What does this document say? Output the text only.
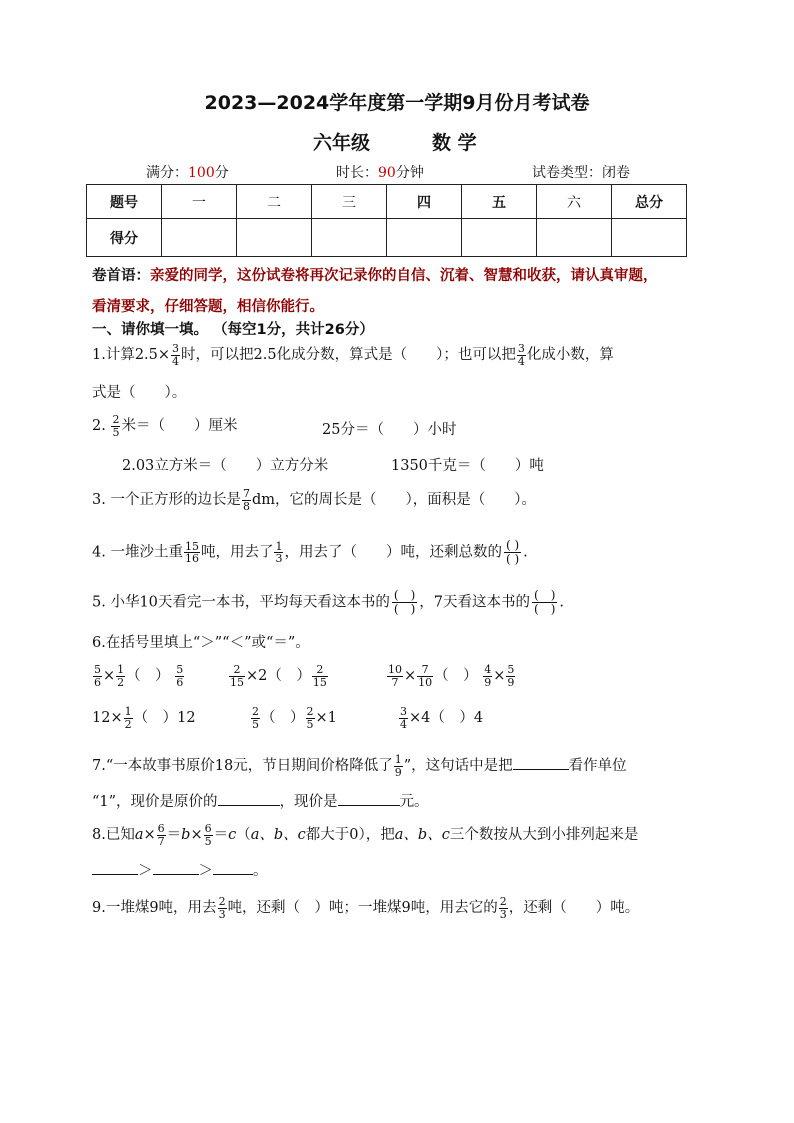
2023—2024学年度第一学期9月份月考试卷
六年级	数 学
满分：100分	时长：90分钟	试卷类型：闭卷
题号	一	二	三	四	五	六	总分
得分							
卷首语：亲爱的同学，这份试卷将再次记录你的自信、沉着、智慧和收获，请认真审题，
看清要求，仔细答题，相信你能行。
一、请你填一填。 （每空1分，共计26分）
1.计算$2.5\times \frac{3}{4}$ 时，可以把2.5化成分数，算式是（　　）；也可以把 $\frac{3}{4}$ 化成小数，算
式是（　　）。
2. $\frac{2}{5}$ 米＝（　　）厘米	25分＝（　　）小时
2.03立方米＝（　　）立方分米	1350千克＝（　　）吨
3. 一个正方形的边长是 $\frac{7}{8}$ dm，它的周长是（　　），面积是（　　）。
4. 一堆沙土重 $\frac{15}{16}$ 吨，用去了 $\frac{1}{3}$ ，用去了（　　）吨，还剩总数的 ( )
( ) .
5. 小华10天看完一本书，平均每天看这本书的 (　)
(　) ，7天看这本书的 (　)
(　) .
6.在括号里填上“＞”“＜”或“＝”。
$\frac{5}{6} \times \frac{1}{2}$ （　） $\frac{5}{6}$	$\frac{2}{15} \times 2$（　） $\frac{2}{15}$	$\frac{10}{7} \times \frac{7}{10}$ （　） $\frac{4}{9} \times \frac{5}{9}$
$12\times \frac{1}{2}$ （　）12	$\frac{2}{5}$ （　） $\frac{2}{5} \times 1$	$\frac{3}{4} \times 4$（　）4
7.“一本故事书原价18元，节日期间价格降低了 $\frac{1}{9}$ ”，这句话中是把	看作单位
“1”，现价是原价的	，现价是	元。
8.已知$a\times \frac{6}{7} =b\times \frac{6}{5} =c(a$、b、c都大于0），把a、b、c三个数按从大到小排列起来是
＞	＞	。
9.一堆煤9吨，用去 $\frac{2}{3}$ 吨，还剩（　）吨；一堆煤9吨，用去它的 $\frac{2}{3}$ ，还剩（　　）吨。
